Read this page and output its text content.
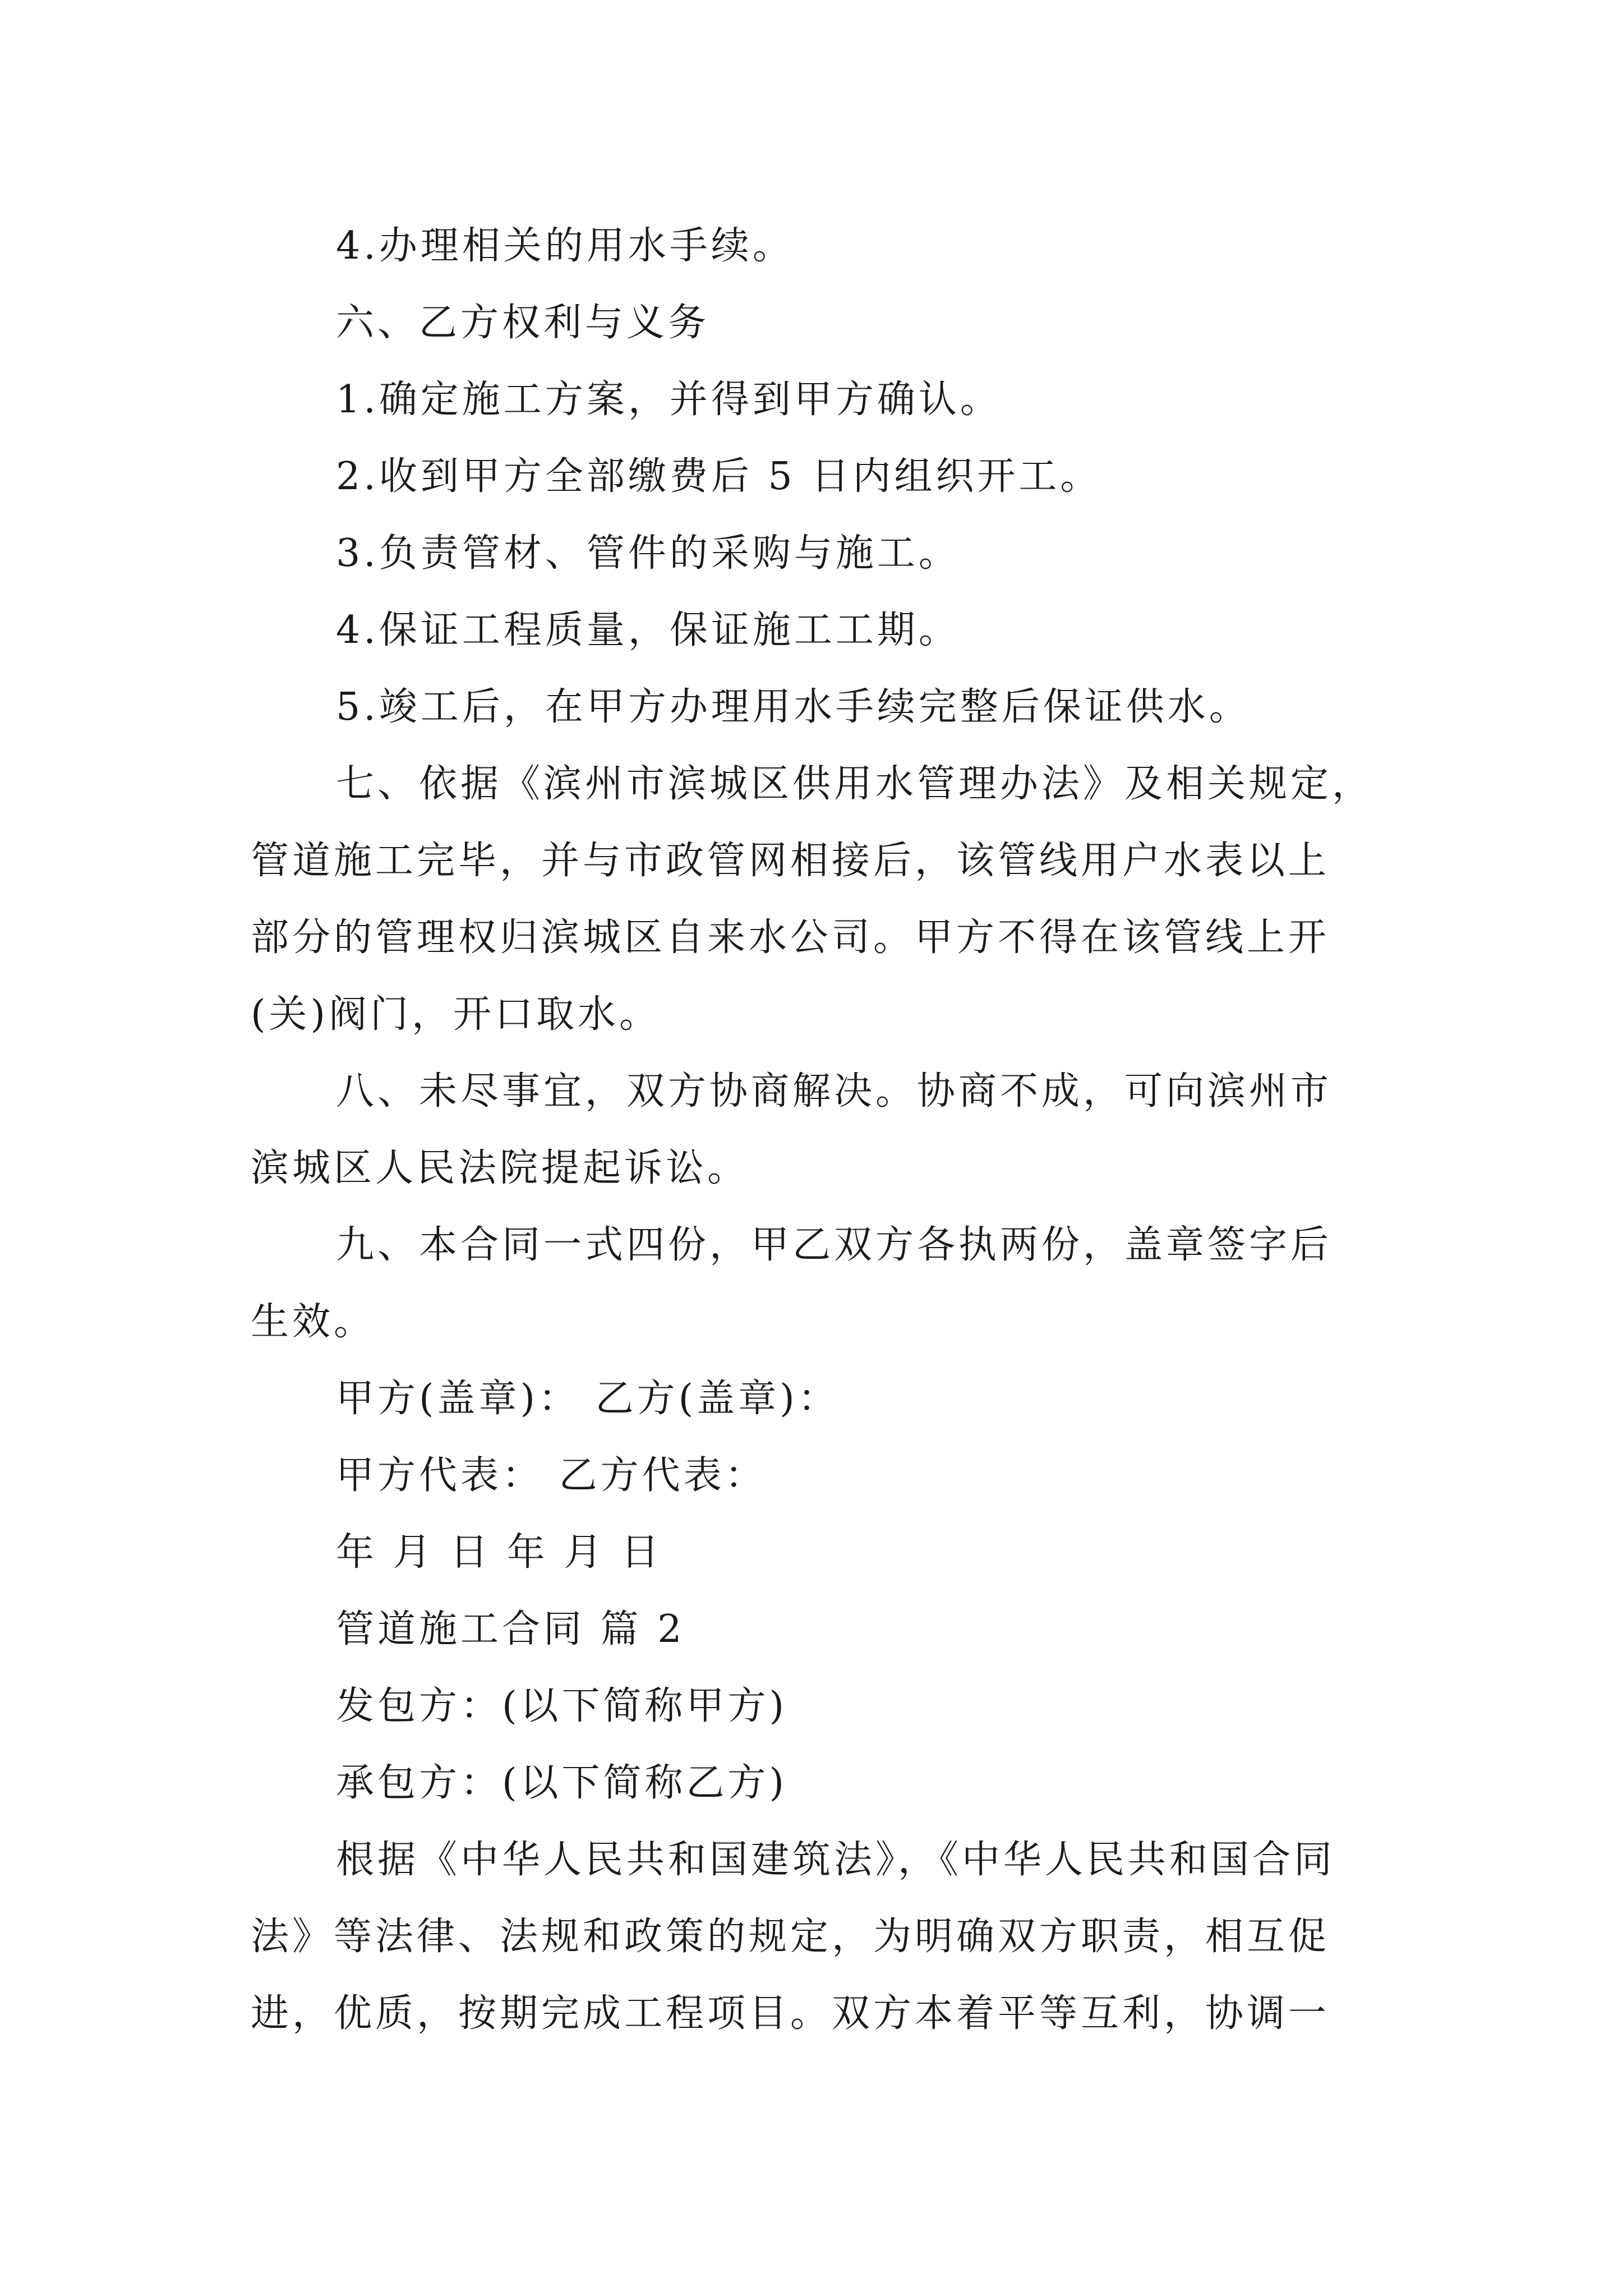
4.办理相关的用水手续。
六、乙方权利与义务
1.确定施工方案，并得到甲方确认。
2.收到甲方全部缴费后 5 日内组织开工。
3.负责管材、管件的采购与施工。
4.保证工程质量，保证施工工期。
5.竣工后，在甲方办理用水手续完整后保证供水。
七、依据《滨州市滨城区供用水管理办法》及相关规定，
管道施工完毕，并与市政管网相接后，该管线用户水表以上
部分的管理权归滨城区自来水公司。甲方不得在该管线上开
(关)阀门，开口取水。
八、未尽事宜，双方协商解决。协商不成，可向滨州市
滨城区人民法院提起诉讼。
九、本合同一式四份，甲乙双方各执两份，盖章签字后
生效。
甲方(盖章)： 乙方(盖章)：
甲方代表： 乙方代表：
年 月 日 年 月 日
管道施工合同 篇 2
发包方：(以下简称甲方)
承包方：(以下简称乙方)
根据《中华人民共和国建筑法》，《中华人民共和国合同
法》等法律、法规和政策的规定，为明确双方职责，相互促
进，优质，按期完成工程项目。双方本着平等互利，协调一
